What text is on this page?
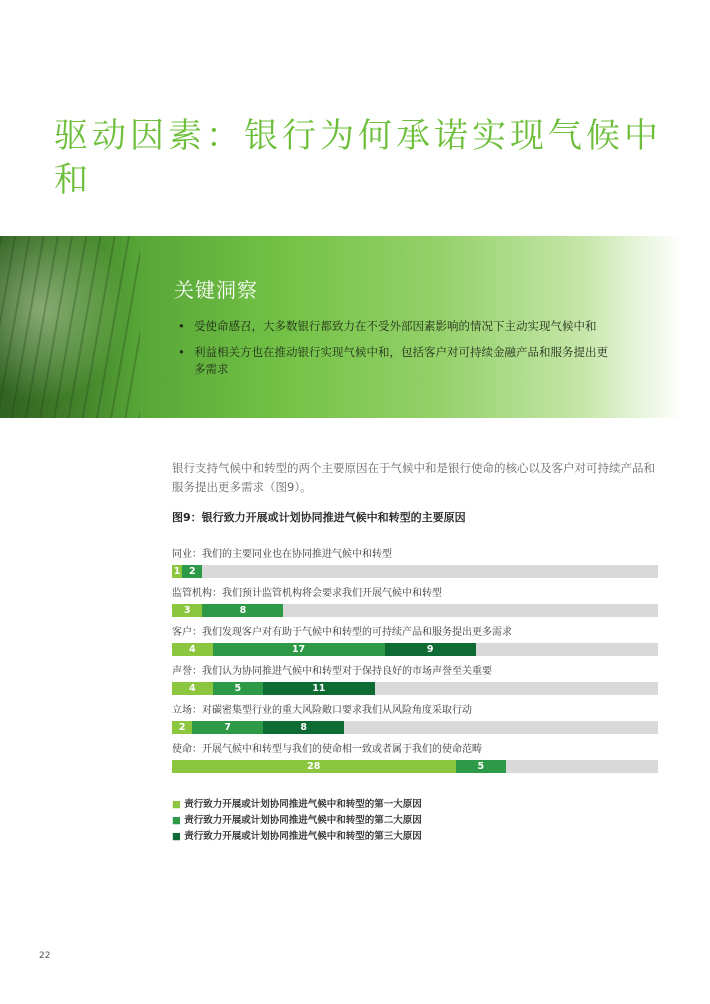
驱动因素：银行为何承诺实现气候中和
关键洞察
• 受使命感召，大多数银行都致力在不受外部因素影响的情况下主动实现气候中和
• 利益相关方也在推动银行实现气候中和，包括客户对可持续金融产品和服务提出更多需求

银行支持气候中和转型的两个主要原因在于气候中和是银行使命的核心以及客户对可持续产品和服务提出更多需求（图9）。

图9：银行致力开展或计划协同推进气候中和转型的主要原因

同业：我们的主要同业也在协同推进气候中和转型
1 2
监管机构：我们预计监管机构将会要求我们开展气候中和转型
3	8
客户：我们发现客户对有助于气候中和转型的可持续产品和服务提出更多需求
4	17	9
声誉：我们认为协同推进气候中和转型对于保持良好的市场声誉至关重要
4	5	11
立场：对碳密集型行业的重大风险敞口要求我们从风险角度采取行动
2	7	8
使命：开展气候中和转型与我们的使命相一致或者属于我们的使命范畴
28	5
■ 责行致力开展或计划协同推进气候中和转型的第一大原因
■ 责行致力开展或计划协同推进气候中和转型的第二大原因
■ 责行致力开展或计划协同推进气候中和转型的第三大原因
22
